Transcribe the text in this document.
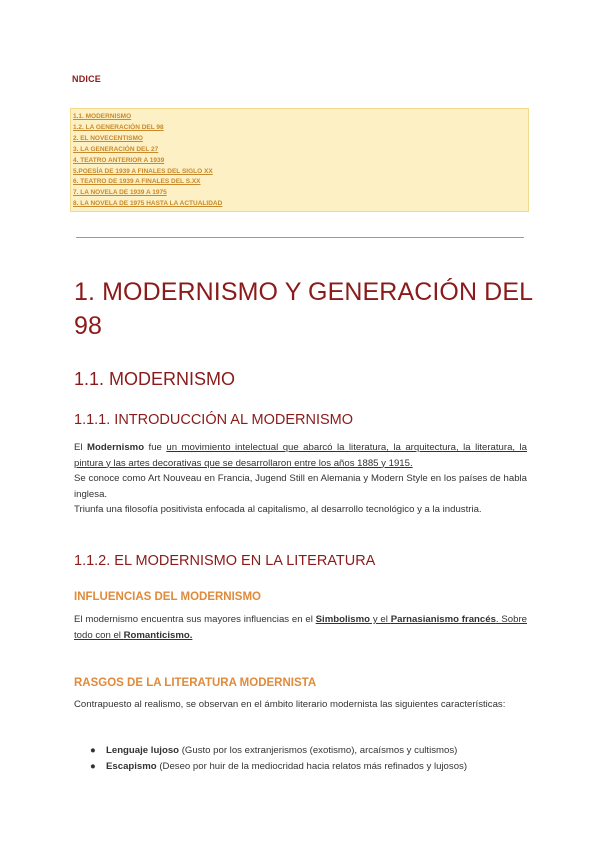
NDICE
1.1. MODERNISMO
1.2. LA GENERACIÓN DEL 98
2. EL NOVECENTISMO
3. LA GENERACIÓN DEL 27
4. TEATRO ANTERIOR A 1939
5.POESÍA DE 1939 A FINALES DEL SIGLO XX
6. TEATRO DE 1939 A FINALES DEL S.XX
7. LA NOVELA DE 1939 A 1975
8. LA NOVELA DE 1975 HASTA LA ACTUALIDAD
1. MODERNISMO Y GENERACIÓN DEL 98
1.1. MODERNISMO
1.1.1. INTRODUCCIÓN AL MODERNISMO
El Modernismo fue un movimiento intelectual que abarcó la literatura, la arquitectura, la literatura, la pintura y las artes decorativas que se desarrollaron entre los años 1885 y 1915.
Se conoce como Art Nouveau en Francia, Jugend Still en Alemania y Modern Style en los países de habla inglesa.
Triunfa una filosofía positivista enfocada al capitalismo, al desarrollo tecnológico y a la industria.
1.1.2. EL MODERNISMO EN LA LITERATURA
INFLUENCIAS DEL MODERNISMO
El modernismo encuentra sus mayores influencias en el Simbolismo y el Parnasianismo francés. Sobre todo con el Romanticismo.
RASGOS DE LA LITERATURA MODERNISTA
Contrapuesto al realismo, se observan en el ámbito literario modernista las siguientes características:
● Lenguaje lujoso (Gusto por los extranjerismos (exotismo), arcaísmos y cultismos)
● Escapismo (Deseo por huir de la mediocridad hacia relatos más refinados y lujosos)
